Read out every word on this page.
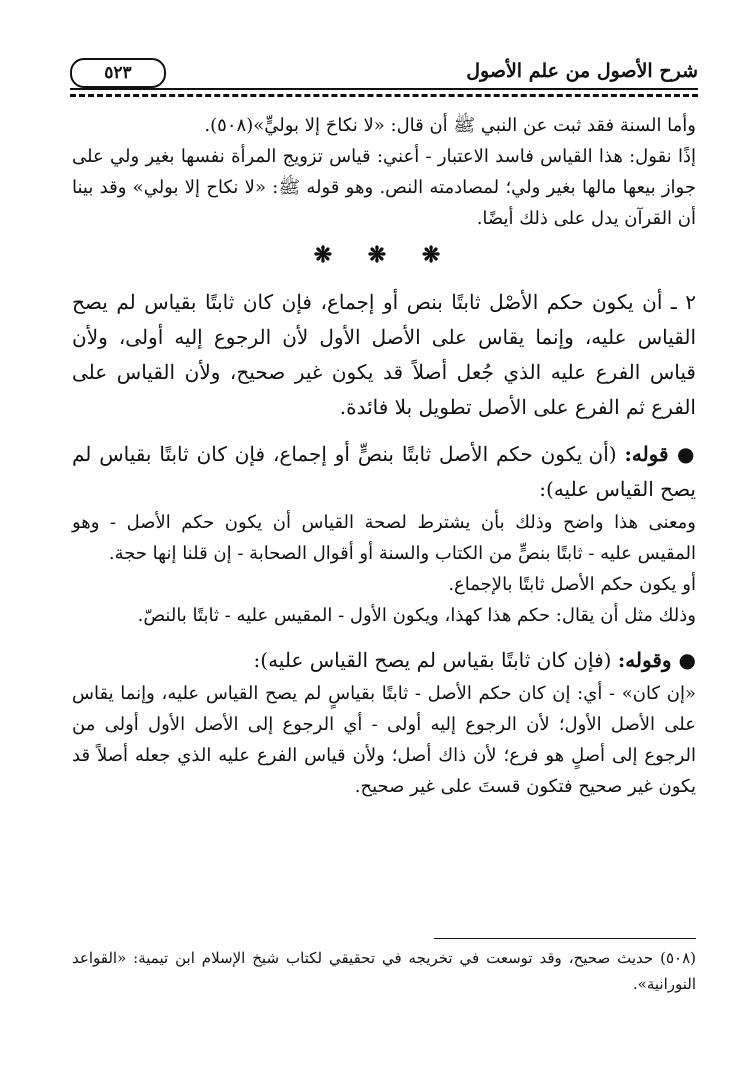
شرح الأصول من علم الأصول
٥٢٣

وأما السنة فقد ثبت عن النبي ﷺ أن قال: «لا نكاحَ إلا بوليٍّ»(٥٠٨).

إذًا نقول: هذا القياس فاسد الاعتبار - أعني: قياس تزويج المرأة نفسها بغير ولي على جواز بيعها مالها بغير ولي؛ لمصادمته النص. وهو قوله ﷺ: «لا نكاح إلا بولي» وقد بينا أن القرآن يدل على ذلك أيضًا.

❋ ❋ ❋

٢ ـ أن يكون حكم الأصْل ثابتًا بنص أو إجماع، فإن كان ثابتًا بقياس لم يصح القياس عليه، وإنما يقاس على الأصل الأول لأن الرجوع إليه أولى، ولأن قياس الفرع عليه الذي جُعل أصلاً قد يكون غير صحيح، ولأن القياس على الفرع ثم الفرع على الأصل تطويل بلا فائدة.

● قوله: (أن يكون حكم الأصل ثابتًا بنصٍّ أو إجماع، فإن كان ثابتًا بقياس لم يصح القياس عليه):

ومعنى هذا واضح وذلك بأن يشترط لصحة القياس أن يكون حكم الأصل - وهو المقيس عليه - ثابتًا بنصٍّ من الكتاب والسنة أو أقوال الصحابة - إن قلنا إنها حجة.

أو يكون حكم الأصل ثابتًا بالإجماع.

وذلك مثل أن يقال: حكم هذا كهذا، ويكون الأول - المقيس عليه - ثابتًا بالنصّ.

● وقوله: (فإن كان ثابتًا بقياس لم يصح القياس عليه):

«إن كان» - أي: إن كان حكم الأصل - ثابتًا بقياسٍ لم يصح القياس عليه، وإنما يقاس على الأصل الأول؛ لأن الرجوع إليه أولى - أي الرجوع إلى الأصل الأول أولى من الرجوع إلى أصلٍ هو فرع؛ لأن ذاك أصل؛ ولأن قياس الفرع عليه الذي جعله أصلاً قد يكون غير صحيح فتكون قستَ على غير صحيح.

(٥٠٨) حديث صحيح، وقد توسعت في تخريجه في تحقيقي لكتاب شيخ الإسلام ابن تيمية: «القواعد النورانية».
